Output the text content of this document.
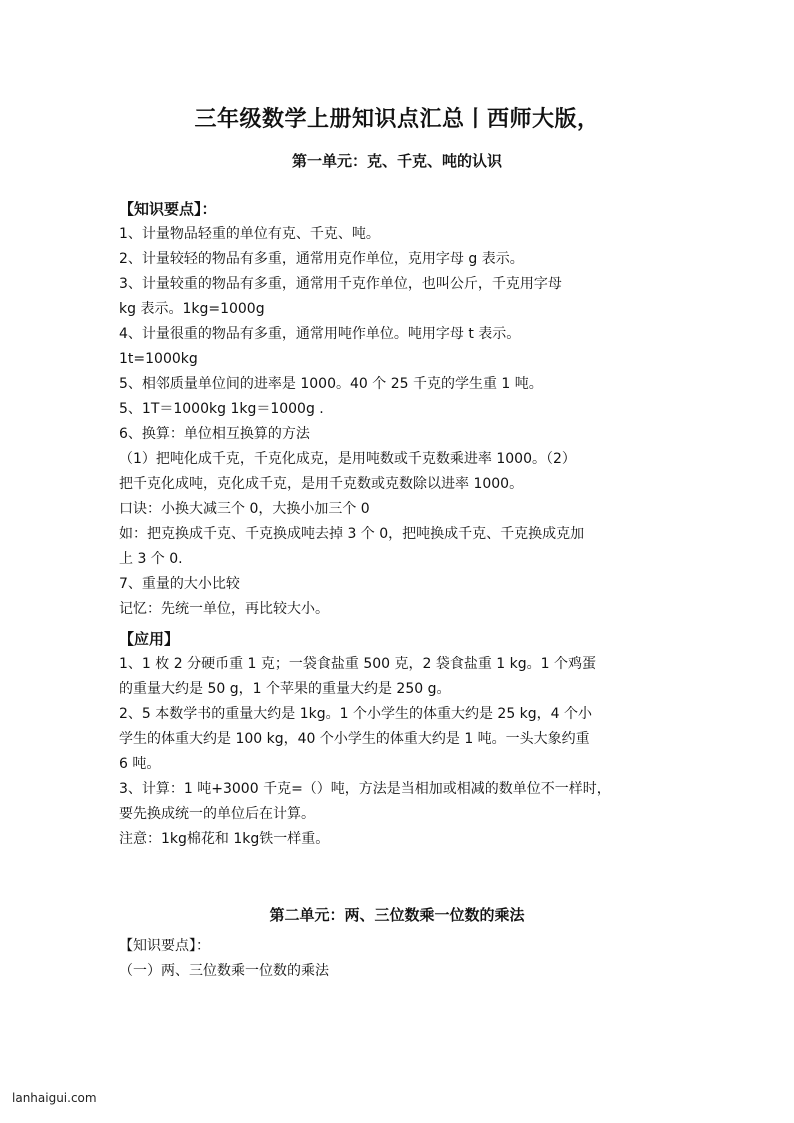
三年级数学上册知识点汇总丨西师大版，
第一单元：克、千克、吨的认识
【知识要点】：
1、计量物品轻重的单位有克、千克、吨。
2、计量较轻的物品有多重，通常用克作单位，克用字母 g 表示。
3、计量较重的物品有多重，通常用千克作单位，也叫公斤，千克用字母
kg 表示。1kg=1000g
4、计量很重的物品有多重，通常用吨作单位。吨用字母 t 表示。
1t=1000kg
5、相邻质量单位间的进率是 1000。40 个 25 千克的学生重 1 吨。
5、1T＝1000kg 1kg＝1000g .
6、换算：单位相互换算的方法
（1）把吨化成千克，千克化成克，是用吨数或千克数乘进率 1000。（2）
把千克化成吨，克化成千克，是用千克数或克数除以进率 1000。
口诀：小换大减三个 0，大换小加三个 0
如：把克换成千克、千克换成吨去掉 3 个 0，把吨换成千克、千克换成克加
上 3 个 0.
7、重量的大小比较
记忆：先统一单位，再比较大小。
【应用】
1、1 枚 2 分硬币重 1 克；一袋食盐重 500 克，2 袋食盐重 1 kg。1 个鸡蛋
的重量大约是 50 g，1 个苹果的重量大约是 250 g。
2、5 本数学书的重量大约是 1kg。1 个小学生的体重大约是 25 kg，4 个小
学生的体重大约是 100 kg，40 个小学生的体重大约是 1 吨。一头大象约重
6 吨。
3、计算：1 吨+3000 千克=（）吨，方法是当相加或相减的数单位不一样时，
要先换成统一的单位后在计算。
注意：1kg棉花和 1kg铁一样重。
第二单元：两、三位数乘一位数的乘法
【知识要点】：
（一）两、三位数乘一位数的乘法
lanhaigui.com
